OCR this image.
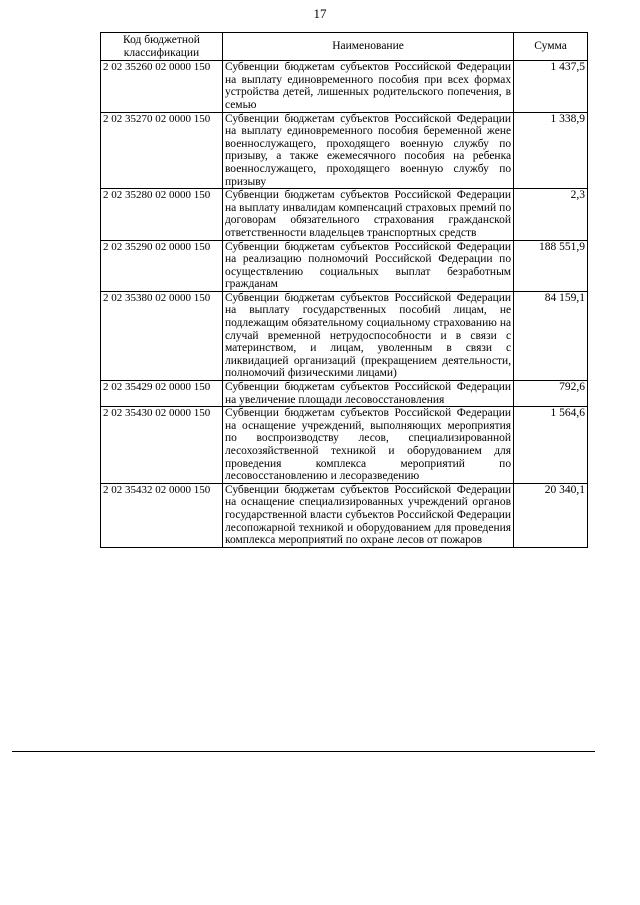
17
Код бюджетной классификации	Наименование	Сумма
2 02 35260 02 0000 150	Субвенции бюджетам субъектов Российской Федерации на выплату единовременного пособия при всех формах устройства детей, лишенных родительского попечения, в семью	1 437,5
2 02 35270 02 0000 150	Субвенции бюджетам субъектов Российской Федерации на выплату единовременного пособия беременной жене военнослужащего, проходящего военную службу по призыву, а также ежемесячного пособия на ребенка военнослужащего, проходящего военную службу по призыву	1 338,9
2 02 35280 02 0000 150	Субвенции бюджетам субъектов Российской Федерации на выплату инвалидам компенсаций страховых премий по договорам обязательного страхования гражданской ответственности владельцев транспортных средств	2,3
2 02 35290 02 0000 150	Субвенции бюджетам субъектов Российской Федерации на реализацию полномочий Российской Федерации по осуществлению социальных выплат безработным гражданам	188 551,9
2 02 35380 02 0000 150	Субвенции бюджетам субъектов Российской Федерации на выплату государственных пособий лицам, не подлежащим обязательному социальному страхованию на случай временной нетрудоспособности и в связи с материнством, и лицам, уволенным в связи с ликвидацией организаций (прекращением деятельности, полномочий физическими лицами)	84 159,1
2 02 35429 02 0000 150	Субвенции бюджетам субъектов Российской Федерации на увеличение площади лесовосстановления	792,6
2 02 35430 02 0000 150	Субвенции бюджетам субъектов Российской Федерации на оснащение учреждений, выполняющих мероприятия по воспроизводству лесов, специализированной лесохозяйственной техникой и оборудованием для проведения комплекса мероприятий по лесовосстановлению и лесоразведению	1 564,6
2 02 35432 02 0000 150	Субвенции бюджетам субъектов Российской Федерации на оснащение специализированных учреждений органов государственной власти субъектов Российской Федерации лесопожарной техникой и оборудованием для проведения комплекса мероприятий по охране лесов от пожаров	20 340,1
